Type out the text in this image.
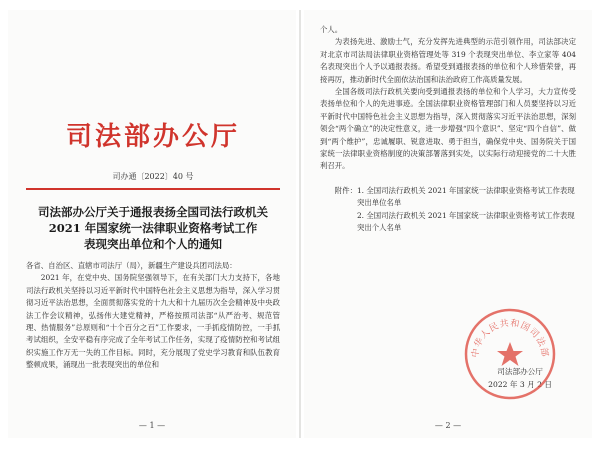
司法部办公厅
司办通〔2022〕40 号
司法部办公厅关于通报表扬全国司法行政机关
2021 年国家统一法律职业资格考试工作
表现突出单位和个人的通知
各省、自治区、直辖市司法厅（局），新疆生产建设兵团司法局：

2021 年，在党中央、国务院坚强领导下，在有关部门大力支持下，各地司法行政机关坚持以习近平新时代中国特色社会主义思想为指导，深入学习贯彻习近平法治思想，全面贯彻落实党的十九大和十九届历次全会精神及中央政法工作会议精神，弘扬伟大建党精神，严格按照司法部“从严治考、规范管理、热情服务”总原则和“十个百分之百”工作要求，一手抓疫情防控，一手抓考试组织，全安平稳有序完成了全年考试工作任务，实现了疫情防控和考试组织实施工作万无一失的工作目标。同时，充分展现了党史学习教育和队伍教育整顿成果，涌现出一批表现突出的单位和

— 1 —

个人。

为表扬先进、激励士气，充分发挥先进典型的示范引领作用，司法部决定对北京市司法局法律职业资格管理处等 319 个表现突出单位、李立家等 404 名表现突出个人予以通报表扬。希望受到通报表扬的单位和个人珍惜荣誉，再接再厉，推动新时代全面依法治国和法治政府工作高质量发展。

全国各级司法行政机关要向受到通报表扬的单位和个人学习，大力宣传受表扬单位和个人的先进事迹。全国法律职业资格管理部门和人员要坚持以习近平新时代中国特色社会主义思想为指导，深入贯彻落实习近平法治思想，深刻领会“两个确立”的决定性意义，进一步增强“四个意识”、坚定“四个自信”、做到“两个维护”，忠诚履职、锐意进取、勇于担当，确保党中央、国务院关于国家统一法律职业资格制度的决策部署落到实处，以实际行动迎接党的二十大胜利召开。

附件： 1. 全国司法行政机关 2021 年国家统一法律职业资格考试工作表现突出单位名单

2. 全国司法行政机关 2021 年国家统一法律职业资格考试工作表现突出个人名单

司法部办公厅
2022 年 3 月 2 日
中华人民共和国司法部
— 2 —
